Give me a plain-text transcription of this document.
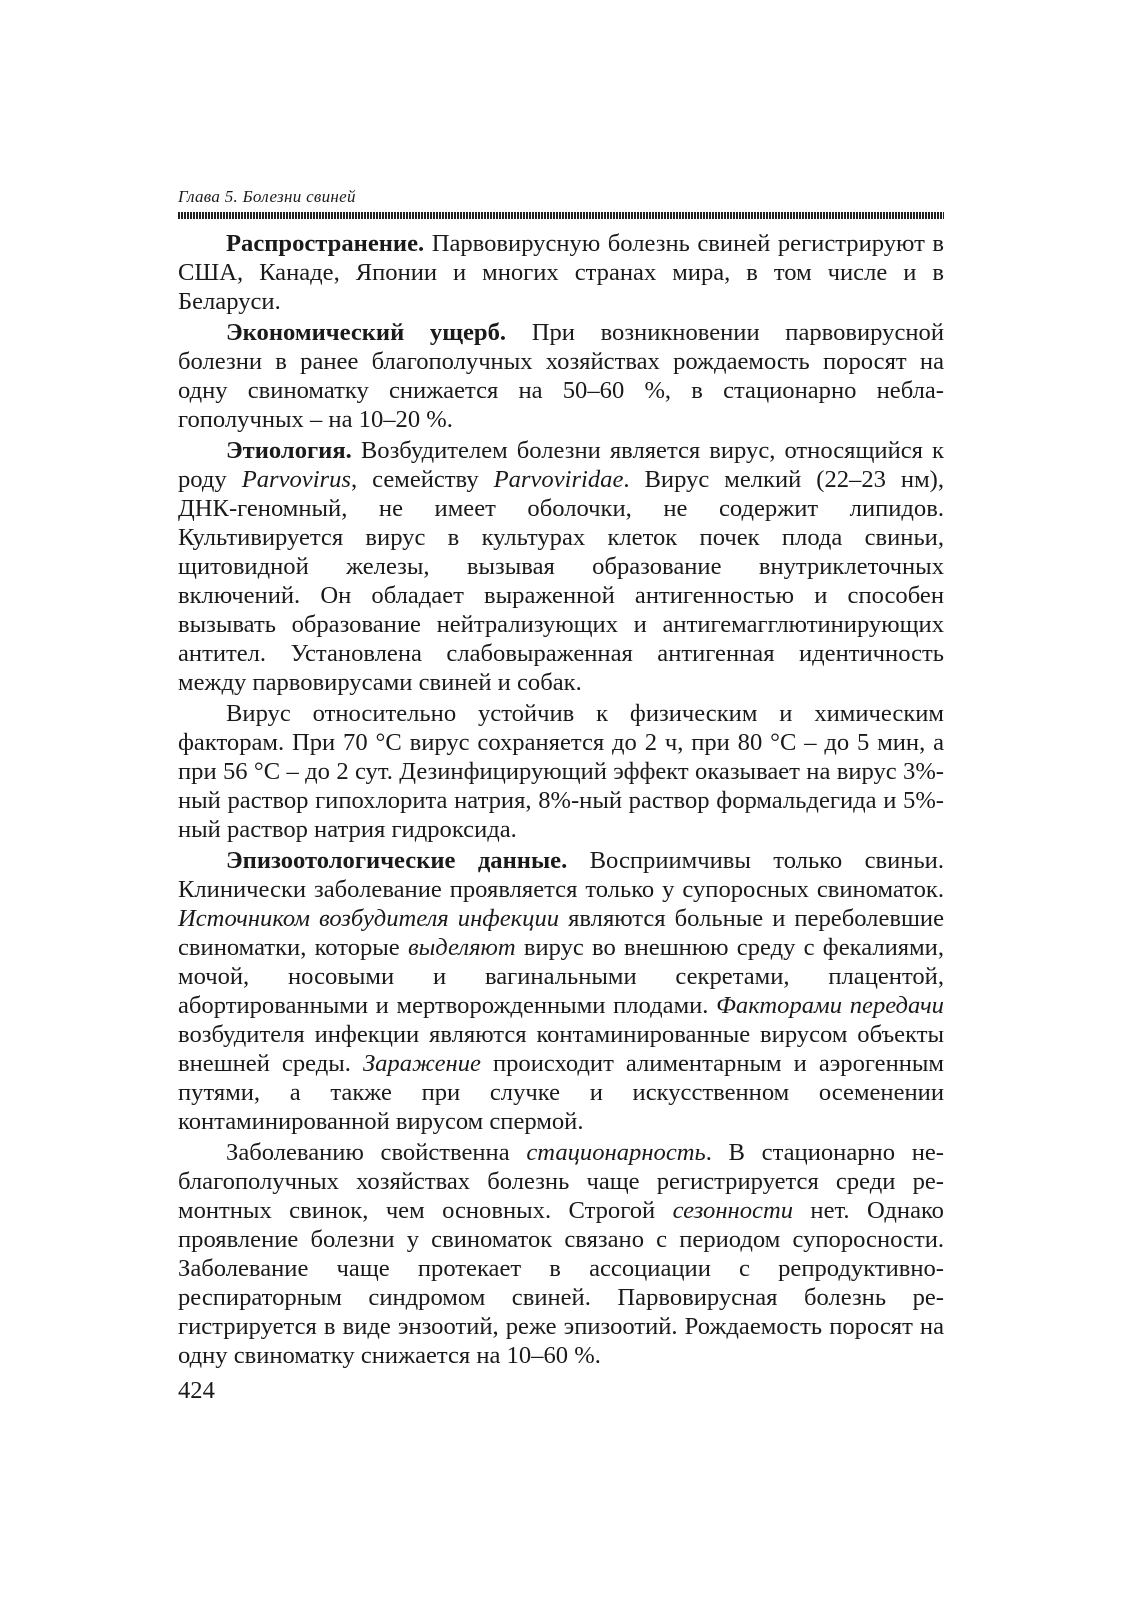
Глава 5. Болезни свиней

Распространение. Парвовирусную болезнь свиней регистрируют в США, Канаде, Японии и многих странах мира, в том числе и в Беларуси.

Экономический ущерб. При возникновении парвовирусной болезни в ранее благополучных хозяйствах рождаемость поросят на одну свиноматку снижается на 50–60 %, в стационарно неблагополучных – на 10–20 %.

Этиология. Возбудителем болезни является вирус, относящийся к роду Parvovirus, семейству Parvoviridae. Вирус мелкий (22–23 нм), ДНК-геномный, не имеет оболочки, не содержит липидов. Культивируется вирус в культурах клеток почек плода свиньи, щитовидной железы, вызывая образование внутриклеточных включений. Он обладает выраженной антигенностью и способен вызывать образование нейтрализующих и антигемагглютинирующих антител. Установлена слабовыраженная антигенная идентичность между парвовирусами свиней и собак.

Вирус относительно устойчив к физическим и химическим факторам. При 70 °С вирус сохраняется до 2 ч, при 80 °С – до 5 мин, а при 56 °С – до 2 сут. Дезинфицирующий эффект оказывает на вирус 3%-ный раствор гипохлорита натрия, 8%-ный раствор формальдегида и 5%-ный раствор натрия гидроксида.

Эпизоотологические данные. Восприимчивы только свиньи. Клинически заболевание проявляется только у супоросных свиноматок. Источником возбудителя инфекции являются больные и переболевшие свиноматки, которые выделяют вирус во внешнюю среду с фекалиями, мочой, носовыми и вагинальными секретами, плацентой, абортированными и мертворожденными плодами. Факторами передачи возбудителя инфекции являются контаминированные вирусом объекты внешней среды. Заражение происходит алиментарным и аэрогенным путями, а также при случке и искусственном осеменении контаминированной вирусом спермой.

Заболеванию свойственна стационарность. В стационарно неблагополучных хозяйствах болезнь чаще регистрируется среди ремонтных свинок, чем основных. Строгой сезонности нет. Однако проявление болезни у свиноматок связано с периодом супоросности. Заболевание чаще протекает в ассоциации с репродуктивно-респираторным синдромом свиней. Парвовирусная болезнь регистрируется в виде энзоотий, реже эпизоотий. Рождаемость поросят на одну свиноматку снижается на 10–60 %.

424
